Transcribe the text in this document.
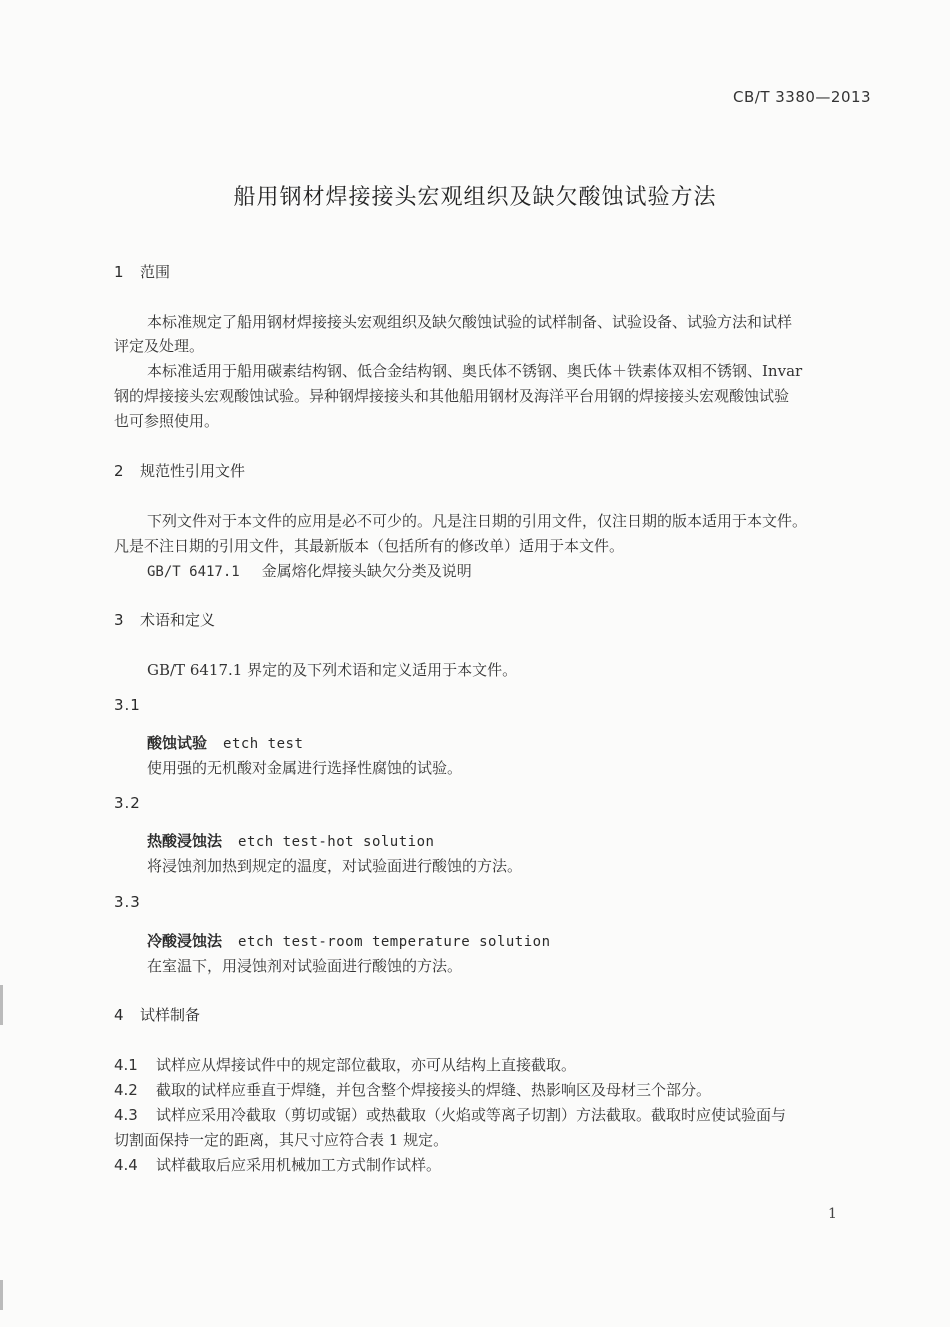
CB/T 3380—2013
船用钢材焊接接头宏观组织及缺欠酸蚀试验方法
1 范围
本标准规定了船用钢材焊接接头宏观组织及缺欠酸蚀试验的试样制备、试验设备、试验方法和试样
评定及处理。
本标准适用于船用碳素结构钢、低合金结构钢、奥氏体不锈钢、奥氏体＋铁素体双相不锈钢、Invar
钢的焊接接头宏观酸蚀试验。异种钢焊接接头和其他船用钢材及海洋平台用钢的焊接接头宏观酸蚀试验
也可参照使用。
2 规范性引用文件
下列文件对于本文件的应用是必不可少的。凡是注日期的引用文件，仅注日期的版本适用于本文件。
凡是不注日期的引用文件，其最新版本（包括所有的修改单）适用于本文件。
GB/T 6417.1 金属熔化焊接头缺欠分类及说明
3 术语和定义
GB/T 6417.1 界定的及下列术语和定义适用于本文件。
3.1
酸蚀试验 etch test
使用强的无机酸对金属进行选择性腐蚀的试验。
3.2
热酸浸蚀法 etch test-hot solution
将浸蚀剂加热到规定的温度，对试验面进行酸蚀的方法。
3.3
冷酸浸蚀法 etch test-room temperature solution
在室温下，用浸蚀剂对试验面进行酸蚀的方法。
4 试样制备
4.1 试样应从焊接试件中的规定部位截取，亦可从结构上直接截取。
4.2 截取的试样应垂直于焊缝，并包含整个焊接接头的焊缝、热影响区及母材三个部分。
4.3 试样应采用冷截取（剪切或锯）或热截取（火焰或等离子切割）方法截取。截取时应使试验面与
切割面保持一定的距离，其尺寸应符合表 1 规定。
4.4 试样截取后应采用机械加工方式制作试样。
1
